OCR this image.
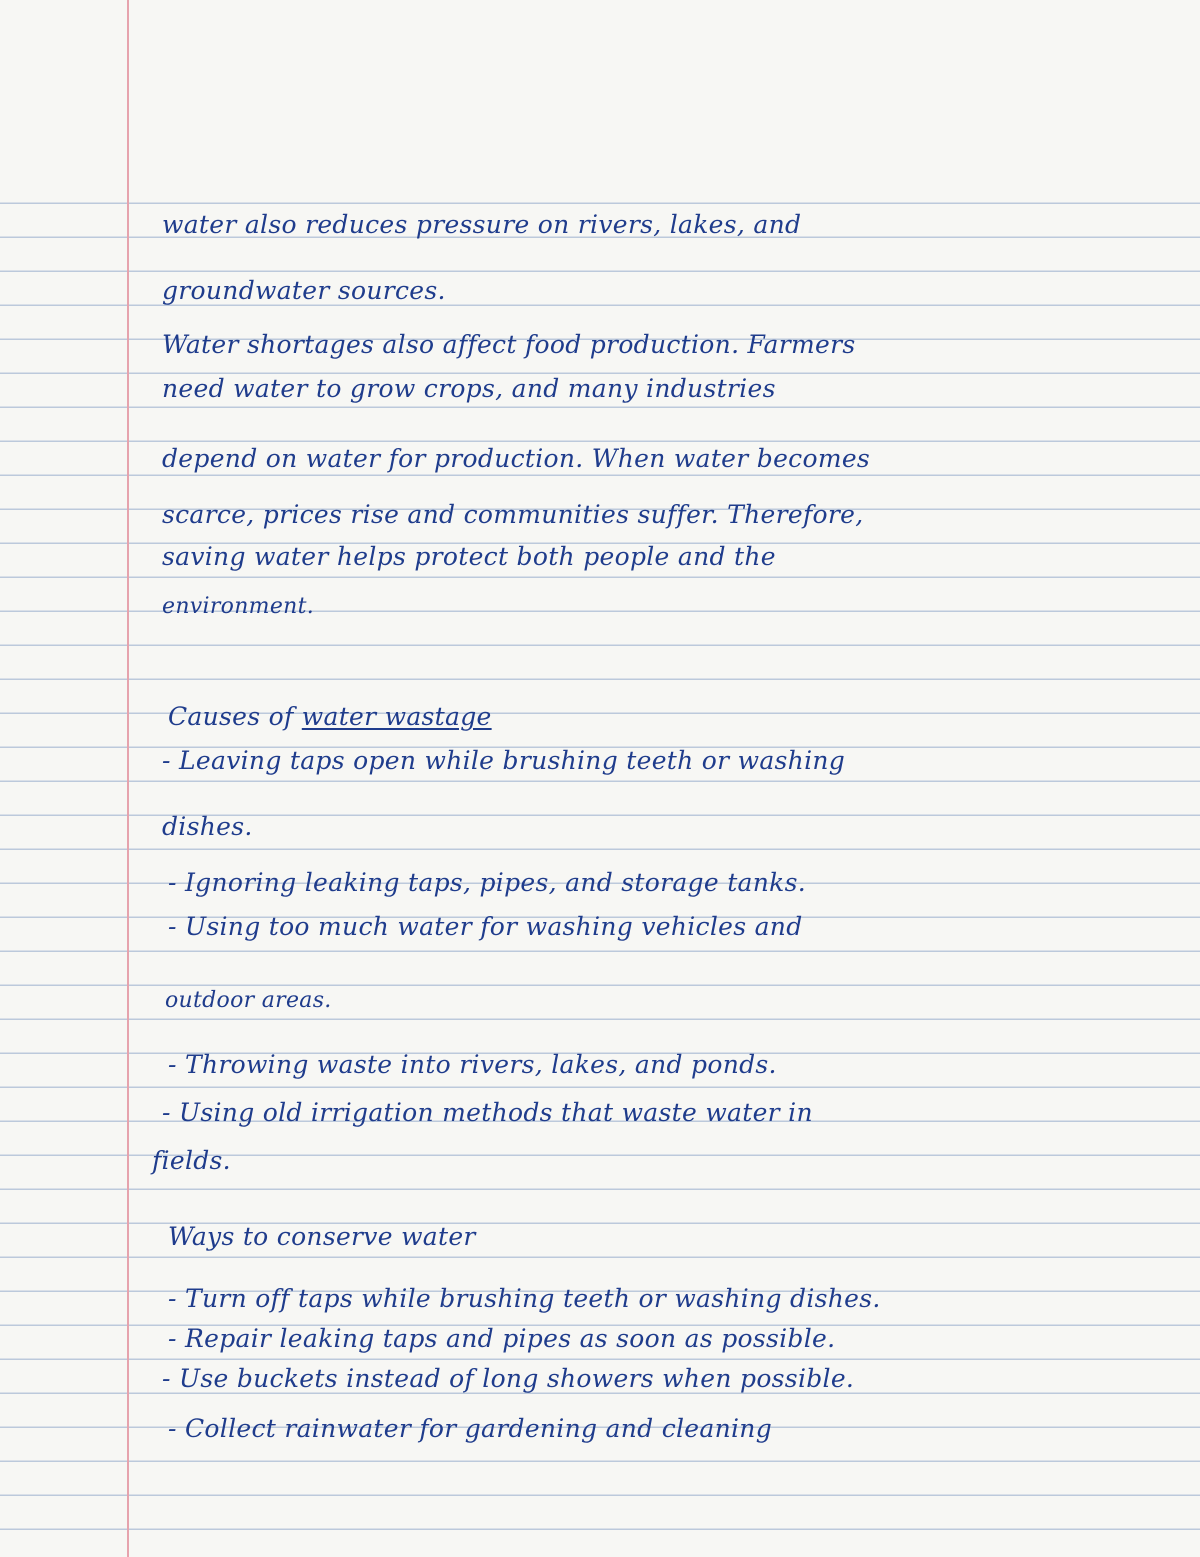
water also reduces pressure on rivers, lakes, and
groundwater sources.
Water shortages also affect food production. Farmers
need water to grow crops, and many industries
depend on water for production. When water becomes
scarce, prices rise and communities suffer. Therefore,
saving water helps protect both people and the
environment.
Causes of water wastage
- Leaving taps open while brushing teeth or washing
dishes.
- Ignoring leaking taps, pipes, and storage tanks.
- Using too much water for washing vehicles and
outdoor areas.
- Throwing waste into rivers, lakes, and ponds.
- Using old irrigation methods that waste water in
fields.
Ways to conserve water
- Turn off taps while brushing teeth or washing dishes.
- Repair leaking taps and pipes as soon as possible.
- Use buckets instead of long showers when possible.
- Collect rainwater for gardening and cleaning
